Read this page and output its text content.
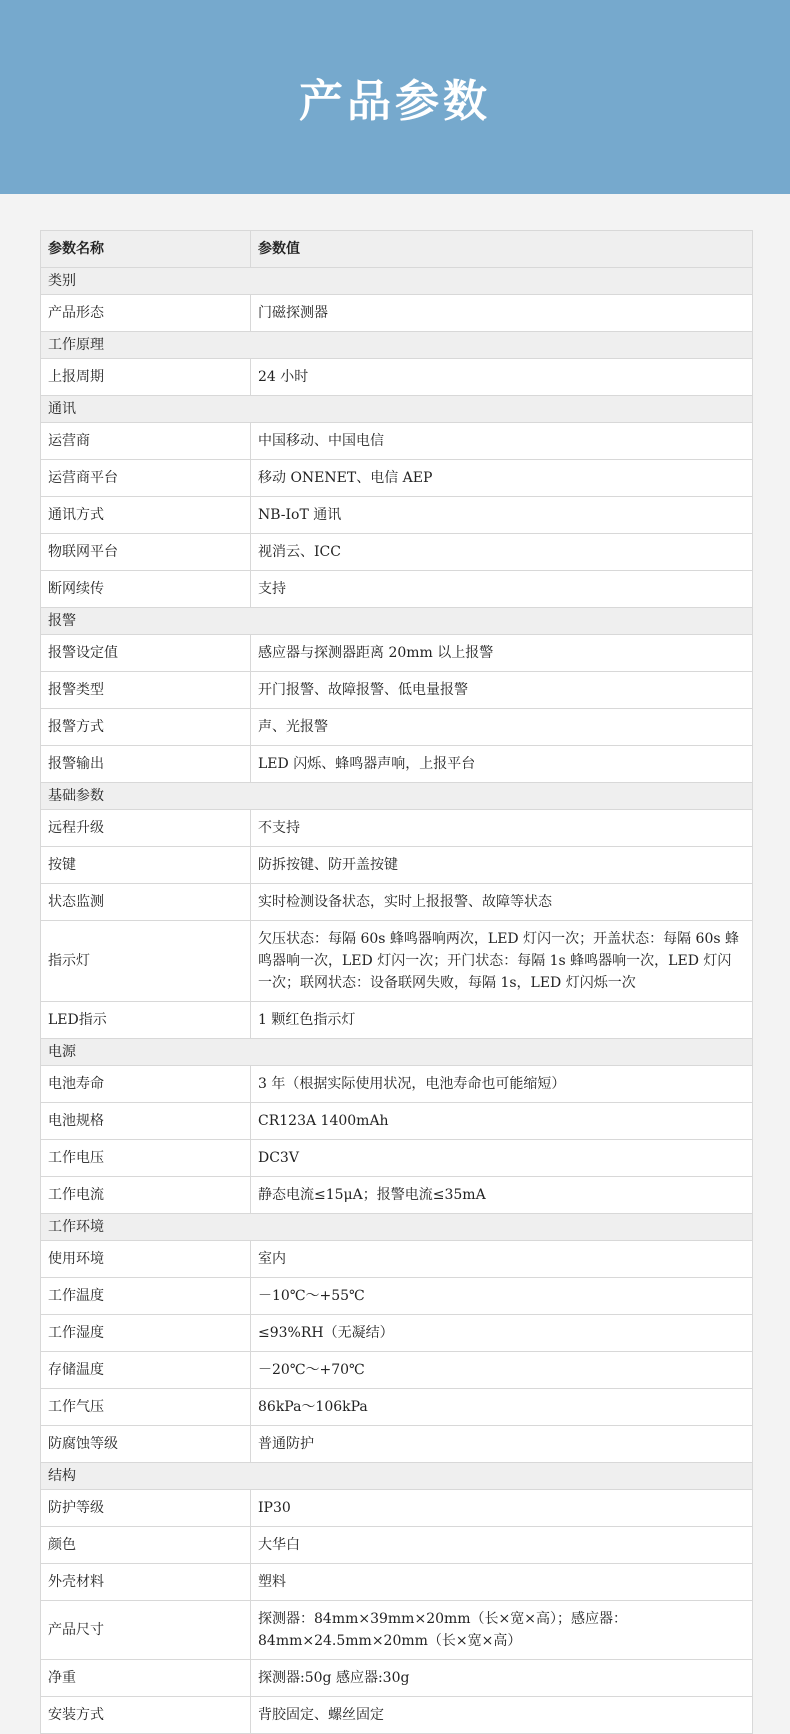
产品参数
参数名称	参数值
类别	
产品形态	门磁探测器
工作原理	
上报周期	24 小时
通讯	
运营商	中国移动、中国电信
运营商平台	移动 ONENET、电信 AEP
通讯方式	NB-IoT 通讯
物联网平台	视消云、ICC
断网续传	支持
报警	
报警设定值	感应器与探测器距离 20mm 以上报警
报警类型	开门报警、故障报警、低电量报警
报警方式	声、光报警
报警输出	LED 闪烁、蜂鸣器声响，上报平台
基础参数	
远程升级	不支持
按键	防拆按键、防开盖按键
状态监测	实时检测设备状态，实时上报报警、故障等状态
指示灯	欠压状态：每隔 60s 蜂鸣器响两次，LED 灯闪一次；开盖状态：每隔 60s 蜂鸣器响一次，LED 灯闪一次；开门状态：每隔 1s 蜂鸣器响一次，LED 灯闪一次；联网状态：设备联网失败，每隔 1s，LED 灯闪烁一次
LED指示	1 颗红色指示灯
电源	
电池寿命	3 年（根据实际使用状况，电池寿命也可能缩短）
电池规格	CR123A 1400mAh
工作电压	DC3V
工作电流	静态电流≤15μA；报警电流≤35mA
工作环境	
使用环境	室内
工作温度	－10℃～+55℃
工作湿度	≤93%RH（无凝结）
存储温度	－20℃～+70℃
工作气压	86kPa～106kPa
防腐蚀等级	普通防护
结构	
防护等级	IP30
颜色	大华白
外壳材料	塑料
产品尺寸	探测器：84mm×39mm×20mm（长×宽×高）；感应器：84mm×24.5mm×20mm（长×宽×高）
净重	探测器:50g 感应器:30g
安装方式	背胶固定、螺丝固定
